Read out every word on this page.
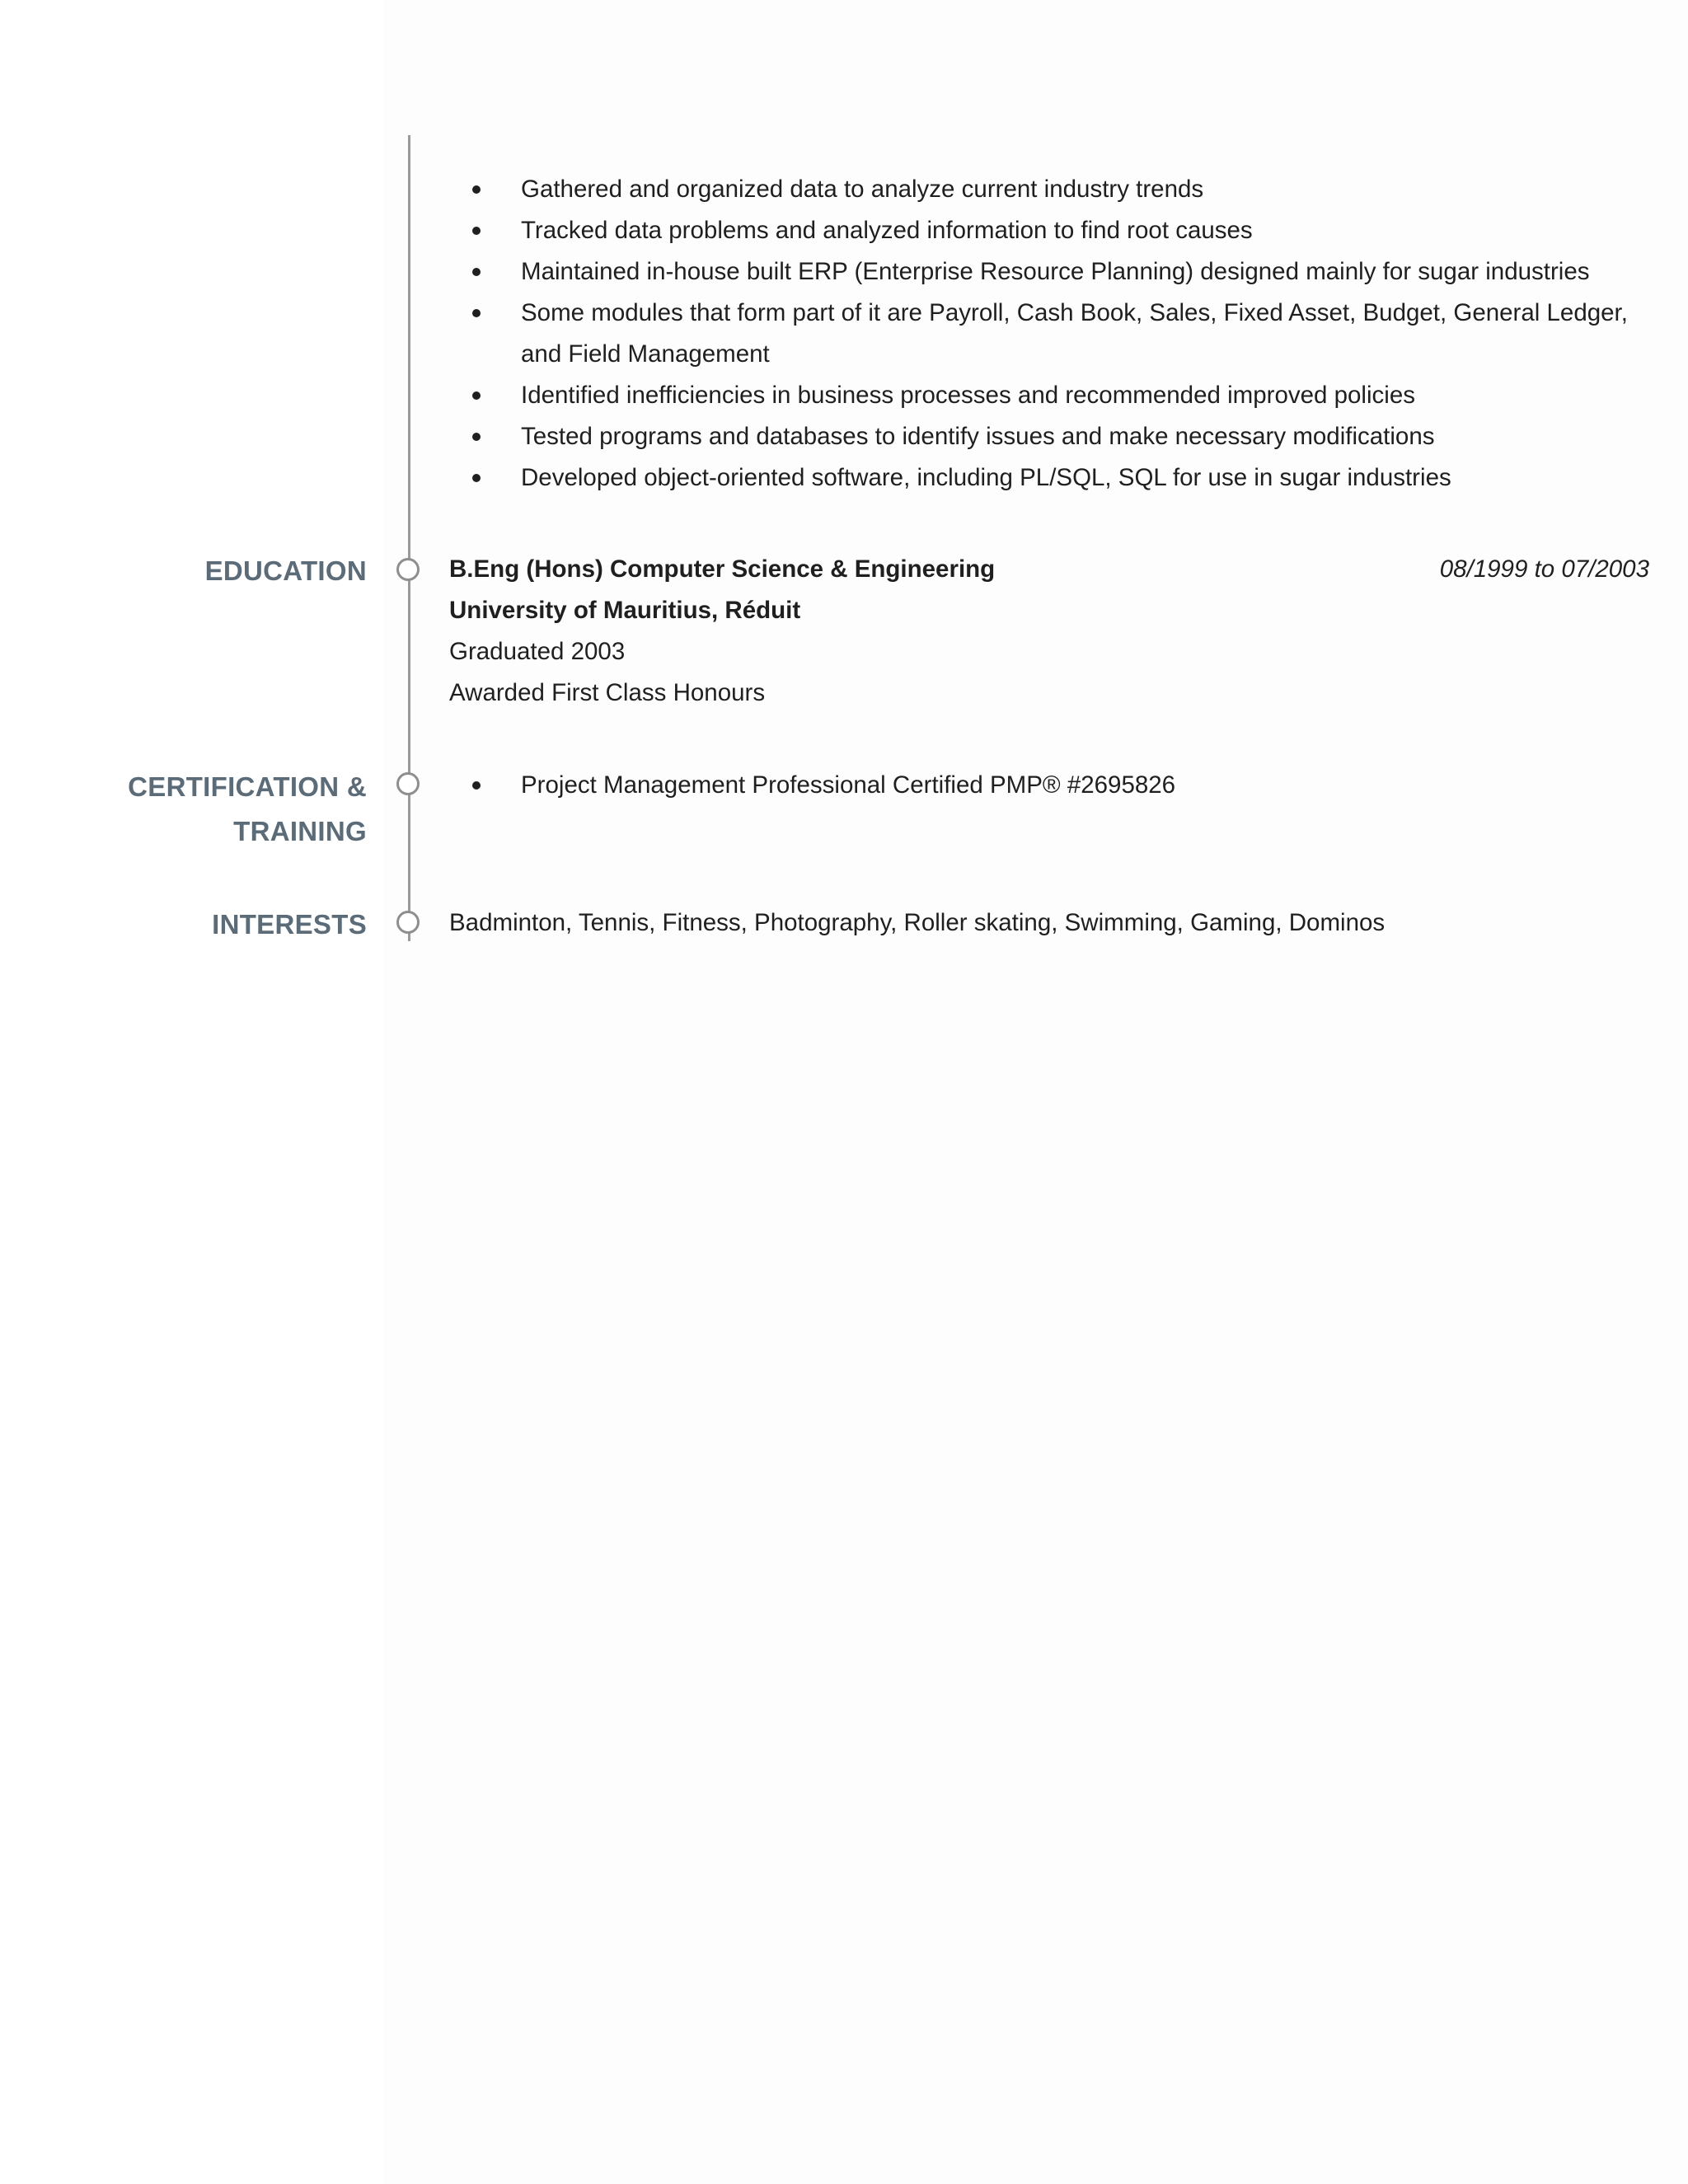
Gathered and organized data to analyze current industry trends
Tracked data problems and analyzed information to find root causes
Maintained in-house built ERP (Enterprise Resource Planning) designed mainly for sugar industries
Some modules that form part of it are Payroll, Cash Book, Sales, Fixed Asset, Budget, General Ledger, and Field Management
Identified inefficiencies in business processes and recommended improved policies
Tested programs and databases to identify issues and make necessary modifications
Developed object-oriented software, including PL/SQL, SQL for use in sugar industries
EDUCATION	B.Eng (Hons) Computer Science & Engineering	08/1999 to 07/2003
University of Mauritius, Réduit
Graduated 2003
Awarded First Class Honours
CERTIFICATION &
TRAINING
Project Management Professional Certified PMP® #2695826
INTERESTS	Badminton, Tennis, Fitness, Photography, Roller skating, Swimming, Gaming, Dominos
